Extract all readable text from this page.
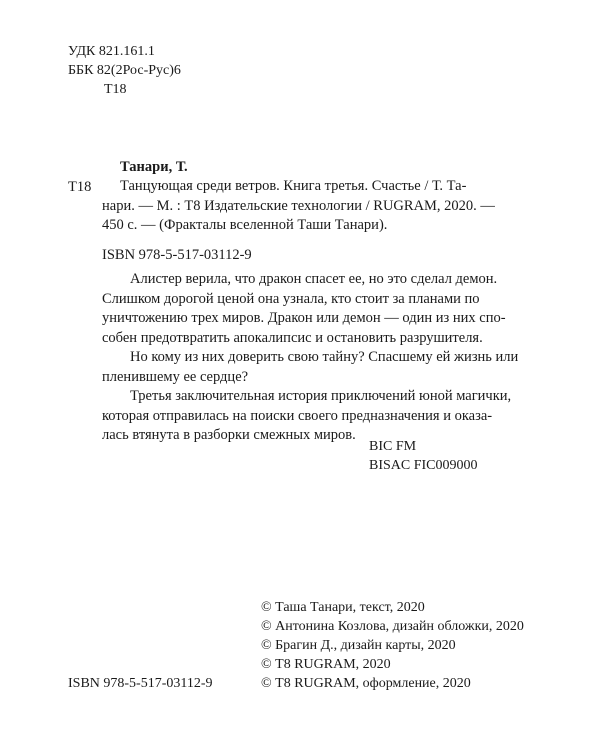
УДК 821.161.1
ББК 82(2Рос-Рус)6
Т18
Танари, Т.
Т18 Танцующая среди ветров. Книга третья. Счастье / Т. Та-
нари. — М. : Т8 Издательские технологии / RUGRAM, 2020. —
450 с. — (Фракталы вселенной Таши Танари).
ISBN 978-5-517-03112-9
Алистер верила, что дракон спасет ее, но это сделал демон.
Слишком дорогой ценой она узнала, кто стоит за планами по
уничтожению трех миров. Дракон или демон — один из них спо-
собен предотвратить апокалипсис и остановить разрушителя.
Но кому из них доверить свою тайну? Спасшему ей жизнь или
пленившему ее сердце?
Третья заключительная история приключений юной магички,
которая отправилась на поиски своего предназначения и оказа-
лась втянута в разборки смежных миров.
BIC FM
BISAC FIC009000
ISBN 978-5-517-03112-9
© Таша Танари, текст, 2020
© Антонина Козлова, дизайн обложки, 2020
© Брагин Д., дизайн карты, 2020
© Т8 RUGRAM, 2020
© Т8 RUGRAM, оформление, 2020
